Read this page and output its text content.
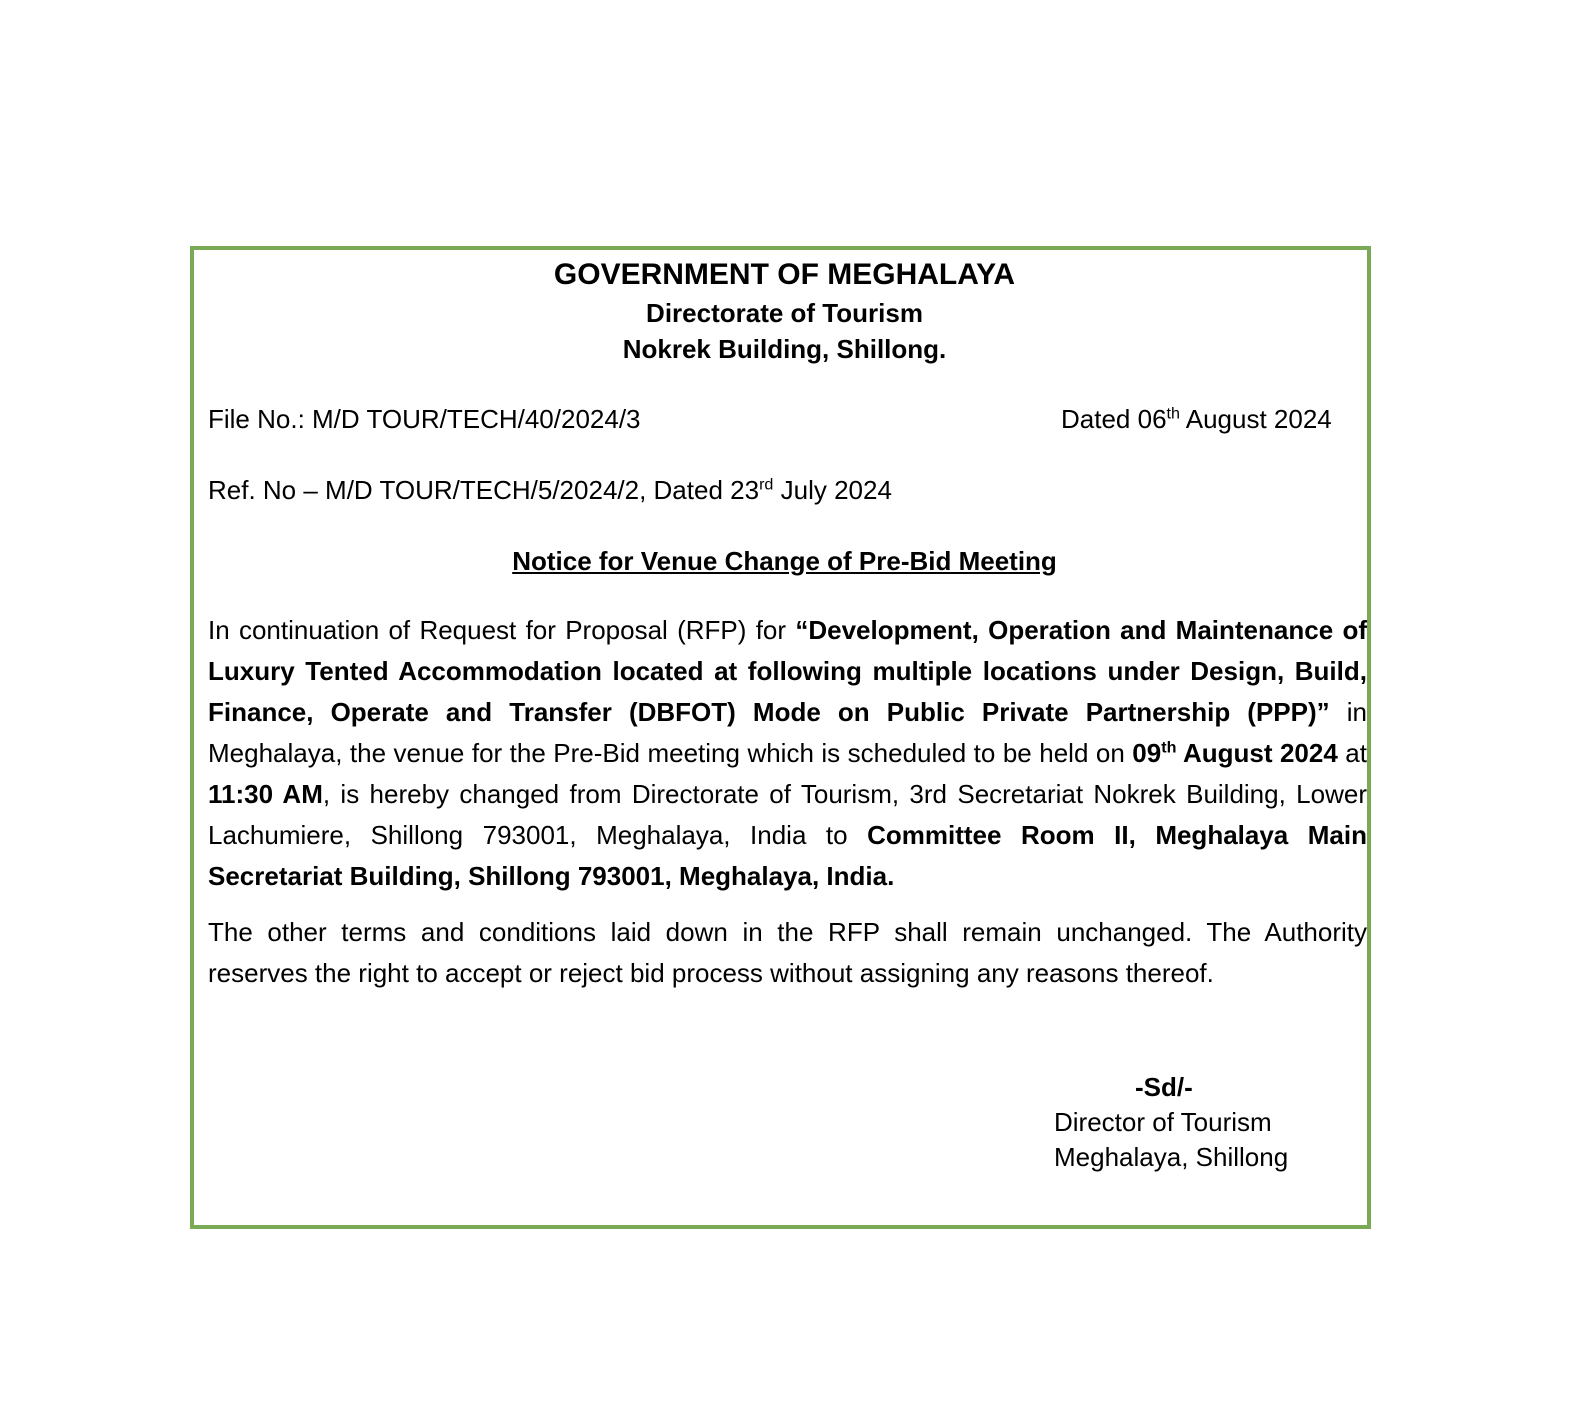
GOVERNMENT OF MEGHALAYA
Directorate of Tourism
Nokrek Building, Shillong.
File No.: M/D TOUR/TECH/40/2024/3	Dated 06th August 2024
Ref. No – M/D TOUR/TECH/5/2024/2, Dated 23rd July 2024
Notice for Venue Change of Pre-Bid Meeting
In continuation of Request for Proposal (RFP) for “Development, Operation and Maintenance of Luxury Tented Accommodation located at following multiple locations under Design, Build, Finance, Operate and Transfer (DBFOT) Mode on Public Private Partnership (PPP)” in Meghalaya, the venue for the Pre-Bid meeting which is scheduled to be held on 09th August 2024 at 11:30 AM, is hereby changed from Directorate of Tourism, 3rd Secretariat Nokrek Building, Lower Lachumiere, Shillong 793001, Meghalaya, India to Committee Room II, Meghalaya Main Secretariat Building, Shillong 793001, Meghalaya, India.
The other terms and conditions laid down in the RFP shall remain unchanged. The Authority reserves the right to accept or reject bid process without assigning any reasons thereof.
-Sd/-
Director of Tourism
Meghalaya, Shillong
